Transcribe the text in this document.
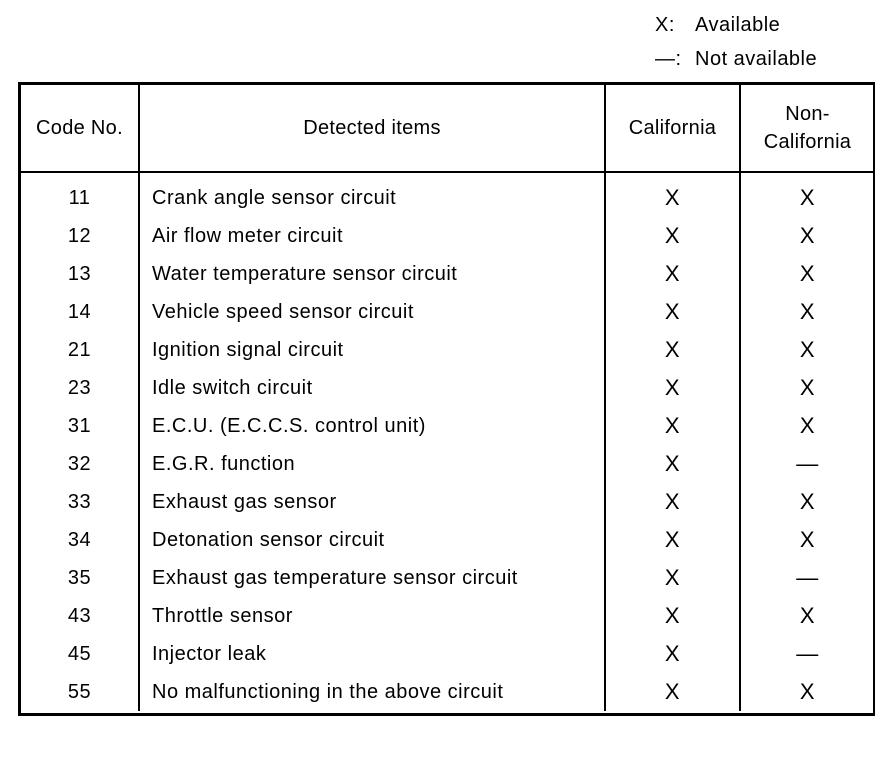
X:	Available
—: Not available
Code No.	Detected items	California	Non-
California
11	Crank angle sensor circuit	X	X
12	Air flow meter circuit	X	X
13	Water temperature sensor circuit	X	X
14	Vehicle speed sensor circuit	X	X
21	Ignition signal circuit	X	X
23	Idle switch circuit	X	X
31	E.C.U. (E.C.C.S. control unit)	X	X
32	E.G.R. function	X	—
33	Exhaust gas sensor	X	X
34	Detonation sensor circuit	X	X
35	Exhaust gas temperature sensor circuit	X	—
43	Throttle sensor	X	X
45	Injector leak	X	—
55	No malfunctioning in the above circuit	X	X
